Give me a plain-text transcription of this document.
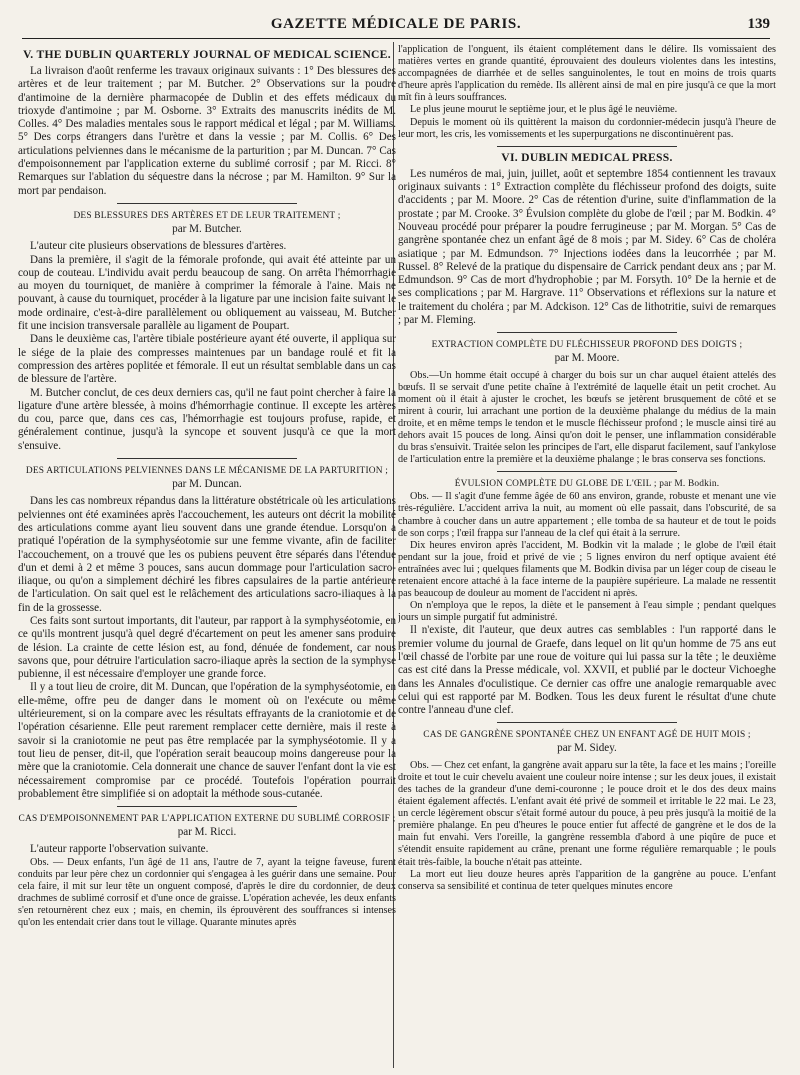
GAZETTE MÉDICALE DE PARIS.	139
V. THE DUBLIN QUARTERLY JOURNAL OF MEDICAL SCIENCE.

La livraison d'août renferme les travaux originaux suivants : 1° Des blessures des artères et de leur traitement ; par M. Butcher. 2° Observations sur la poudre d'antimoine de la dernière pharmacopée de Dublin et des effets médicaux du trioxyde d'antimoine ; par M. Osborne. 3° Extraits des manuscrits inédits de M. Colles. 4° Des maladies mentales sous le rapport médical et légal ; par M. Williams. 5° Des corps étrangers dans l'urètre et dans la vessie ; par M. Collis. 6° Des articulations pelviennes dans le mécanisme de la parturition ; par M. Duncan. 7° Cas d'empoisonnement par l'application externe du sublimé corrosif ; par M. Ricci. 8° Remarques sur l'ablation du séquestre dans la nécrose ; par M. Hamilton. 9° Sur la mort par pendaison.

DES BLESSURES DES ARTÈRES ET DE LEUR TRAITEMENT ;
par M. Butcher.

L'auteur cite plusieurs observations de blessures d'artères.

Dans la première, il s'agit de la fémorale profonde, qui avait été atteinte par un coup de couteau. L'individu avait perdu beaucoup de sang. On arrêta l'hémorrhagie au moyen du tourniquet, de manière à comprimer la fémorale à l'aine. Mais ne pouvant, à cause du tourniquet, procéder à la ligature par une incision faite suivant le mode ordinaire, c'est-à-dire parallèlement ou obliquement au vaisseau, M. Butcher fit une incision transversale parallèle au ligament de Poupart.

Dans le deuxième cas, l'artère tibiale postérieure ayant été ouverte, il appliqua sur le siége de la plaie des compresses maintenues par un bandage roulé et fit la compression des artères poplitée et fémorale. Il eut un résultat semblable dans un cas de blessure de l'artère.

M. Butcher conclut, de ces deux derniers cas, qu'il ne faut point chercher à faire la ligature d'une artère blessée, à moins d'hémorrhagie continue. Il excepte les artères du cou, parce que, dans ces cas, l'hémorrhagie est toujours profuse, rapide, et généralement continue, jusqu'à la syncope et souvent jusqu'à ce que la mort s'ensuive.

DES ARTICULATIONS PELVIENNES DANS LE MÉCANISME DE LA PARTURITION ;
par M. Duncan.

Dans les cas nombreux répandus dans la littérature obstétricale où les articulations pelviennes ont été examinées après l'accouchement, les auteurs ont décrit la mobilité des articulations comme ayant lieu souvent dans une grande étendue. Lorsqu'on a pratiqué l'opération de la symphyséotomie sur une femme vivante, afin de faciliter l'accouchement, on a trouvé que les os pubiens peuvent être séparés dans l'étendue d'un et demi à 2 et même 3 pouces, sans aucun dommage pour l'articulation sacro-iliaque, ou qu'on a simplement déchiré les fibres capsulaires de la partie antérieure de l'articulation. On sait quel est le relâchement des articulations sacro-iliaques à la fin de la grossesse.

Ces faits sont surtout importants, dit l'auteur, par rapport à la symphyséotomie, en ce qu'ils montrent jusqu'à quel degré d'écartement on peut les amener sans produire de lésion. La crainte de cette lésion est, au fond, dénuée de fondement, car nous savons que, pour détruire l'articulation sacro-iliaque après la section de la symphyse pubienne, il est nécessaire d'employer une grande force.

Il y a tout lieu de croire, dit M. Duncan, que l'opération de la symphyséotomie, en elle-même, offre peu de danger dans le moment où on l'exécute ou même ultérieurement, si on la compare avec les résultats effrayants de la craniotomie et de l'opération césarienne. Elle peut rarement remplacer cette dernière, mais il reste à savoir si la craniotomie ne peut pas être remplacée par la symphyséotomie. Il y a tout lieu de penser, dit-il, que l'opération serait beaucoup moins dangereuse pour la mère que la craniotomie. Cela donnerait une chance de sauver l'enfant dont la vie est nécessairement compromise par ce procédé. Toutefois l'opération pourrait probablement être simplifiée si on adoptait la méthode sous-cutanée.

CAS D'EMPOISONNEMENT PAR L'APPLICATION EXTERNE DU SUBLIMÉ CORROSIF ;
par M. Ricci.

L'auteur rapporte l'observation suivante.

Obs. — Deux enfants, l'un âgé de 11 ans, l'autre de 7, ayant la teigne faveuse, furent conduits par leur père chez un cordonnier qui s'engagea à les guérir dans une semaine. Pour cela faire, il mit sur leur tête un onguent composé, d'après le dire du cordonnier, de deux drachmes de sublimé corrosif et d'une once de graisse. L'opération achevée, les deux enfants s'en retournèrent chez eux ; mais, en chemin, ils éprouvèrent des souffrances si intenses qu'on les entendait crier dans tout le village. Quarante minutes après

l'application de l'onguent, ils étaient complétement dans le délire. Ils vomissaient des matières vertes en grande quantité, éprouvaient des douleurs violentes dans les intestins, accompagnées de diarrhée et de selles sanguinolentes, le tout en moins de trois quarts d'heure après l'application du remède. Ils allèrent ainsi de mal en pire jusqu'à ce que la mort mît fin à leurs souffrances.

Le plus jeune mourut le septième jour, et le plus âgé le neuvième.

Depuis le moment où ils quittèrent la maison du cordonnier-médecin jusqu'à l'heure de leur mort, les cris, les vomissements et les superpurgations ne discontinuèrent pas.

VI. DUBLIN MEDICAL PRESS.

Les numéros de mai, juin, juillet, août et septembre 1854 contiennent les travaux originaux suivants : 1° Extraction complète du fléchisseur profond des doigts, suite d'accidents ; par M. Moore. 2° Cas de rétention d'urine, suite d'inflammation de la prostate ; par M. Crooke. 3° Évulsion complète du globe de l'œil ; par M. Bodkin. 4° Nouveau procédé pour préparer la poudre ferrugineuse ; par M. Morgan. 5° Cas de gangrène spontanée chez un enfant âgé de 8 mois ; par M. Sidey. 6° Cas de choléra asiatique ; par M. Edmundson. 7° Injections iodées dans la leucorrhée ; par M. Russel. 8° Relevé de la pratique du dispensaire de Carrick pendant deux ans ; par M. Edmundson. 9° Cas de mort d'hydrophobie ; par M. Forsyth. 10° De la hernie et de ses complications ; par M. Hargrave. 11° Observations et réflexions sur la nature et le traitement du choléra ; par M. Adckison. 12° Cas de lithotritie, suivi de remarques ; par M. Fleming.

EXTRACTION COMPLÈTE DU FLÉCHISSEUR PROFOND DES DOIGTS ;
par M. Moore.

Obs.—Un homme était occupé à charger du bois sur un char auquel étaient attelés des bœufs. Il se servait d'une petite chaîne à l'extrémité de laquelle était un petit crochet. Au moment où il était à ajuster le crochet, les bœufs se jetèrent brusquement de côté et se mirent à courir, lui arrachant une portion de la deuxième phalange du médius de la main droite, et en même temps le tendon et le muscle fléchisseur profond ; le muscle ainsi tiré au dehors avait 15 pouces de long. Ainsi qu'on doit le penser, une inflammation considérable du bras s'ensuivit. Traitée selon les principes de l'art, elle disparut facilement, sauf l'ankylose de l'articulation entre la première et la deuxième phalange ; le bras conserva ses fonctions.

ÉVULSION COMPLÈTE DU GLOBE DE L'ŒIL ; par M. Bodkin.

Obs. — Il s'agit d'une femme âgée de 60 ans environ, grande, robuste et menant une vie très-régulière. L'accident arriva la nuit, au moment où elle passait, dans l'obscurité, de sa chambre à coucher dans un autre appartement ; elle tomba de sa hauteur et de tout le poids de son corps ; l'œil frappa sur l'anneau de la clef qui était à la serrure.

Dix heures environ après l'accident, M. Bodkin vit la malade ; le globe de l'œil était pendant sur la joue, froid et privé de vie ; 5 lignes environ du nerf optique avaient été entraînées avec lui ; quelques filaments que M. Bodkin divisa par un léger coup de ciseau le retenaient encore attaché à la face interne de la paupière supérieure. La malade ne ressentit pas beaucoup de douleur au moment de l'accident ni après.

On n'employa que le repos, la diète et le pansement à l'eau simple ; pendant quelques jours un simple purgatif fut administré.

Il n'existe, dit l'auteur, que deux autres cas semblables : l'un rapporté dans le premier volume du journal de Graefe, dans lequel on lit qu'un homme de 75 ans eut l'œil chassé de l'orbite par une roue de voiture qui lui passa sur la tête ; le deuxième cas est cité dans la Presse médicale, vol. XXVII, et publié par le docteur Vichoeghe dans les Annales d'oculistique. Ce dernier cas offre une analogie remarquable avec celui qui est rapporté par M. Bodken. Tous les deux furent le résultat d'une chute contre l'anneau d'une clef.

CAS DE GANGRÈNE SPONTANÉE CHEZ UN ENFANT AGÉ DE HUIT MOIS ;
par M. Sidey.

Obs. — Chez cet enfant, la gangrène avait apparu sur la tête, la face et les mains ; l'oreille droite et tout le cuir chevelu avaient une couleur noire intense ; sur les deux joues, il existait des taches de la grandeur d'une demi-couronne ; le pouce droit et le dos des deux mains étaient également affectés. L'enfant avait été privé de sommeil et irritable le 22 mai. Le 23, un cercle légèrement obscur s'était formé autour du pouce, à peu près jusqu'à la moitié de la première phalange. En peu d'heures le pouce entier fut affecté de gangrène et le dos de la main fut envahi. Vers l'oreille, la gangrène ressembla d'abord à une piqûre de puce et s'étendit ensuite rapidement au crâne, prenant une forme régulière remarquable ; le pouls était très-faible, la bouche n'était pas atteinte.

La mort eut lieu douze heures après l'apparition de la gangrène au pouce. L'enfant conserva sa sensibilité et continua de teter quelques minutes encore
